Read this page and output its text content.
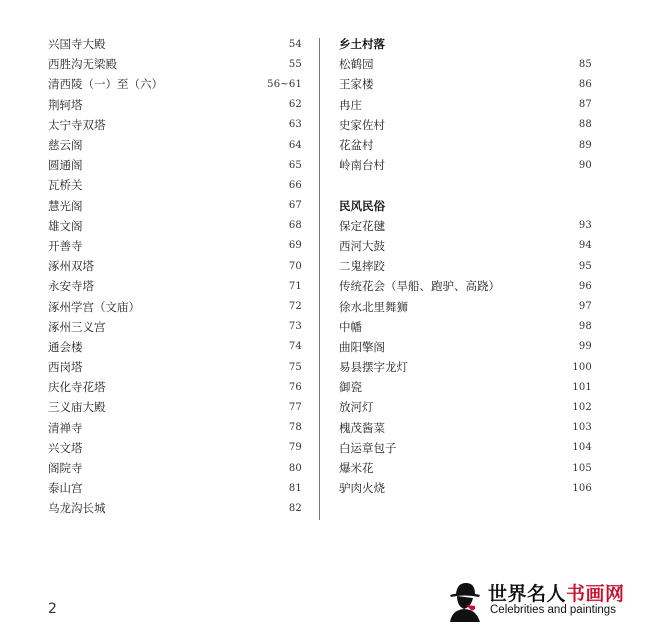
兴国寺大殿	54
西胜沟无梁殿	55
清西陵（一）至（六）	56~61
荆轲塔	62
太宁寺双塔	63
慈云阁	64
圆通阁	65
瓦桥关	66
慧光阁	67
雄文阁	68
开善寺	69
涿州双塔	70
永安寺塔	71
涿州学宫（文庙）	72
涿州三义宫	73
通会楼	74
西岗塔	75
庆化寺花塔	76
三义庙大殿	77
清禅寺	78
兴文塔	79
阁院寺	80
泰山宫	81
乌龙沟长城	82
乡土村落
松鹤园	85
王家楼	86
冉庄	87
史家佐村	88
花盆村	89
岭南台村	90
民风民俗
保定花毽	93
西河大鼓	94
二鬼摔跤	95
传统花会（旱船、跑驴、高跷）	96
徐水北里舞狮	97
中幡	98
曲阳擎阁	99
易县摆字龙灯	100
御瓷	101
放河灯	102
槐茂酱菜	103
白运章包子	104
爆米花	105
驴肉火烧	106
2
世界名人书画网
Celebrities and paintings
